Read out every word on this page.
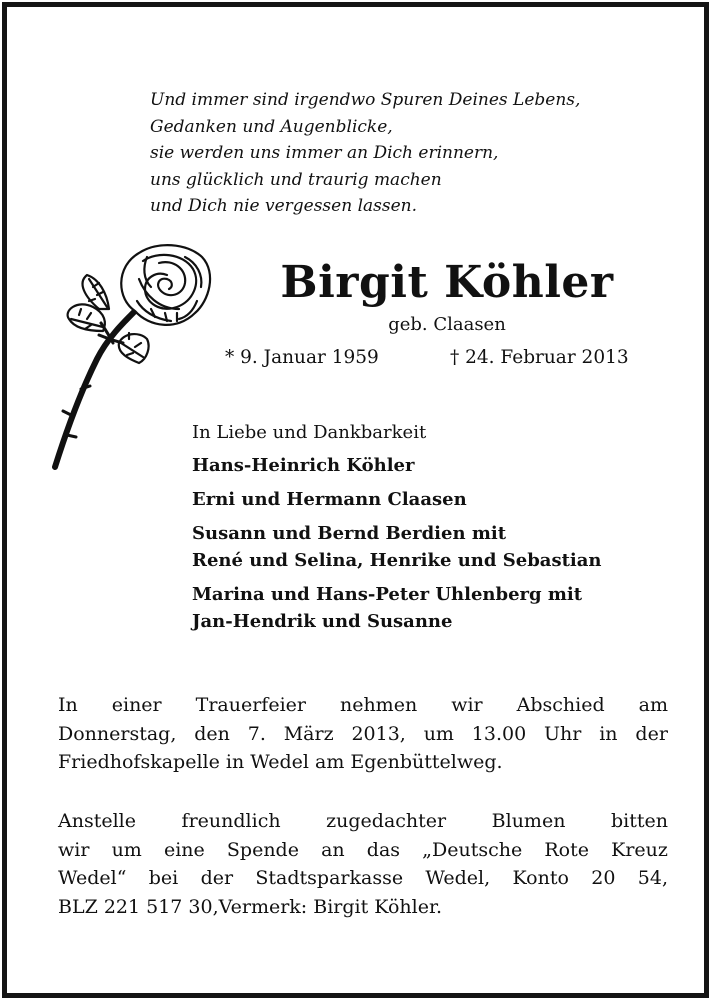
Und immer sind irgendwo Spuren Deines Lebens,
Gedanken und Augenblicke,
sie werden uns immer an Dich erinnern,
uns glücklich und traurig machen
und Dich nie vergessen lassen.
Birgit Köhler
geb. Claasen
* 9. Januar 1959	† 24. Februar 2013
In Liebe und Dankbarkeit
Hans-Heinrich Köhler
Erni und Hermann Claasen
Susann und Bernd Berdien mit
René und Selina, Henrike und Sebastian
Marina und Hans-Peter Uhlenberg mit
Jan-Hendrik und Susanne
In einer Trauerfeier nehmen wir Abschied am
Donnerstag, den 7. März 2013, um 13.00 Uhr in der
Friedhofskapelle in Wedel am Egenbüttelweg.
Anstelle freundlich zugedachter Blumen bitten
wir um eine Spende an das „Deutsche Rote Kreuz
Wedel“ bei der Stadtsparkasse Wedel, Konto 20 54,
BLZ 221 517 30,Vermerk: Birgit Köhler.
